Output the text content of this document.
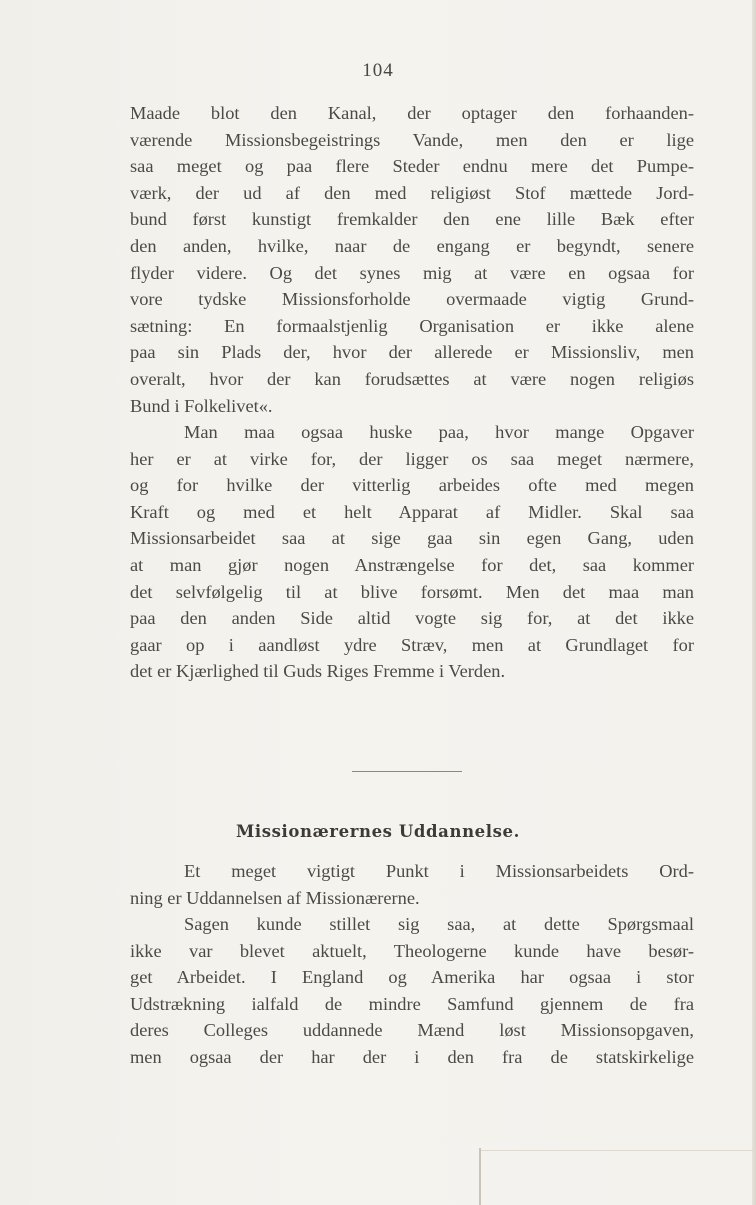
104
Maade blot den Kanal, der optager den forhaanden-
værende Missionsbegeistrings Vande, men den er lige
saa meget og paa flere Steder endnu mere det Pumpe-
værk, der ud af den med religiøst Stof mættede Jord-
bund først kunstigt fremkalder den ene lille Bæk efter
den anden, hvilke, naar de engang er begyndt, senere
flyder videre. Og det synes mig at være en ogsaa for
vore tydske Missionsforholde overmaade vigtig Grund-
sætning: En formaalstjenlig Organisation er ikke alene
paa sin Plads der, hvor der allerede er Missionsliv, men
overalt, hvor der kan forudsættes at være nogen religiøs
Bund i Folkelivet«.
Man maa ogsaa huske paa, hvor mange Opgaver
her er at virke for, der ligger os saa meget nærmere,
og for hvilke der vitterlig arbeides ofte med megen
Kraft og med et helt Apparat af Midler. Skal saa
Missionsarbeidet saa at sige gaa sin egen Gang, uden
at man gjør nogen Anstrængelse for det, saa kommer
det selvfølgelig til at blive forsømt. Men det maa man
paa den anden Side altid vogte sig for, at det ikke
gaar op i aandløst ydre Stræv, men at Grundlaget for
det er Kjærlighed til Guds Riges Fremme i Verden.
Missionærernes Uddannelse.
Et meget vigtigt Punkt i Missionsarbeidets Ord-
ning er Uddannelsen af Missionærerne.
Sagen kunde stillet sig saa, at dette Spørgsmaal
ikke var blevet aktuelt, Theologerne kunde have besør-
get Arbeidet. I England og Amerika har ogsaa i stor
Udstrækning ialfald de mindre Samfund gjennem de fra
deres Colleges uddannede Mænd løst Missionsopgaven,
men ogsaa der har der i den fra de statskirkelige
